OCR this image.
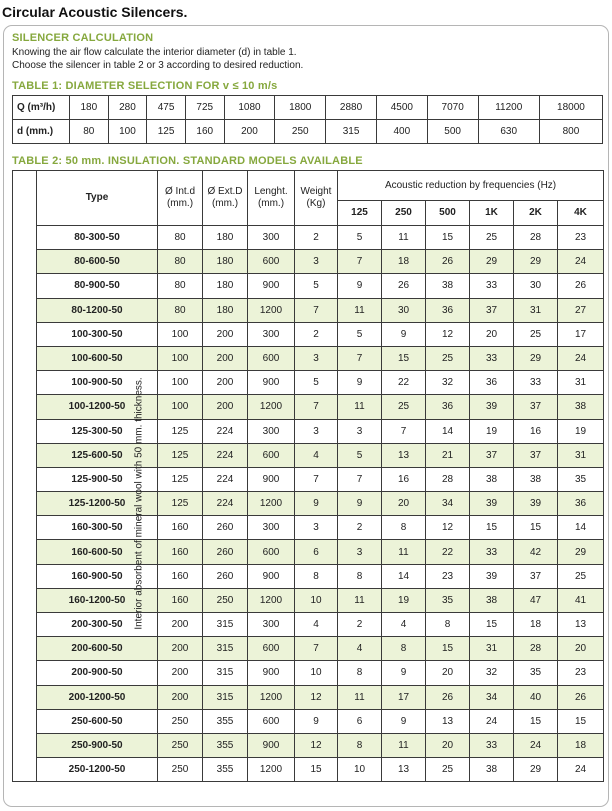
Circular Acoustic Silencers.
SILENCER CALCULATION
Knowing the air flow calculate the interior diameter (d) in table 1.
Choose the silencer in table 2 or 3 according to desired reduction.
TABLE 1: DIAMETER SELECTION FOR v ≤ 10 m/s
Q (m³/h)	180	280	475	725	1080	1800	2880	4500	7070	11200	18000
d (mm.)	80	100	125	160	200	250	315	400	500	630	800
TABLE 2: 50 mm. INSULATION. STANDARD MODELS AVAILABLE
	Type	Ø Int.d (mm.)	Ø Ext.D (mm.)	Lenght. (mm.)	Weight (Kg)	Acoustic reduction by frequencies (Hz)					
						125	250	500	1K	2K	4K
Interior absorbent of mineral wool with 50 mm. thickness.	80-300-50	80	180	300	2	5	11	15	25	28	23
	80-600-50	80	180	600	3	7	18	26	29	29	24
	80-900-50	80	180	900	5	9	26	38	33	30	26
	80-1200-50	80	180	1200	7	11	30	36	37	31	27
	100-300-50	100	200	300	2	5	9	12	20	25	17
	100-600-50	100	200	600	3	7	15	25	33	29	24
	100-900-50	100	200	900	5	9	22	32	36	33	31
	100-1200-50	100	200	1200	7	11	25	36	39	37	38
	125-300-50	125	224	300	3	3	7	14	19	16	19
	125-600-50	125	224	600	4	5	13	21	37	37	31
	125-900-50	125	224	900	7	7	16	28	38	38	35
	125-1200-50	125	224	1200	9	9	20	34	39	39	36
	160-300-50	160	260	300	3	2	8	12	15	15	14
	160-600-50	160	260	600	6	3	11	22	33	42	29
	160-900-50	160	260	900	8	8	14	23	39	37	25
	160-1200-50	160	250	1200	10	11	19	35	38	47	41
	200-300-50	200	315	300	4	2	4	8	15	18	13
	200-600-50	200	315	600	7	4	8	15	31	28	20
	200-900-50	200	315	900	10	8	9	20	32	35	23
	200-1200-50	200	315	1200	12	11	17	26	34	40	26
	250-600-50	250	355	600	9	6	9	13	24	15	15
	250-900-50	250	355	900	12	8	11	20	33	24	18
	250-1200-50	250	355	1200	15	10	13	25	38	29	24
